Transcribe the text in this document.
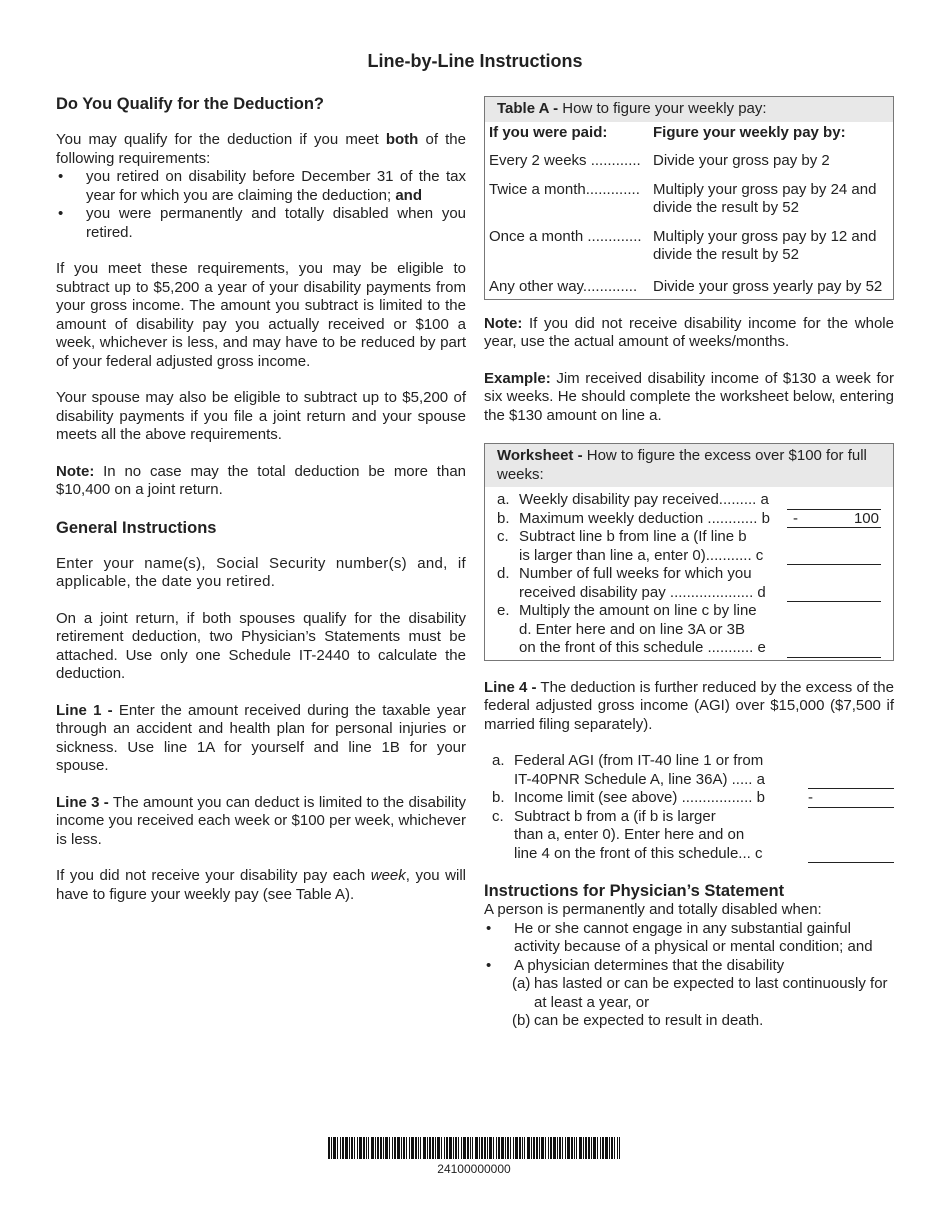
Line-by-Line Instructions
Do You Qualify for the Deduction?

You may qualify for the deduction if you meet both of the following requirements:

•	you retired on disability before December 31 of the tax year for which you are claiming the deduction; and
•	you were permanently and totally disabled when you retired.

If you meet these requirements, you may be eligible to subtract up to $5,200 a year of your disability payments from your gross income. The amount you subtract is limited to the amount of disability pay you actually received or $100 a week, whichever is less, and may have to be reduced by part of your federal adjusted gross income.

Your spouse may also be eligible to subtract up to $5,200 of disability payments if you file a joint return and your spouse meets all the above requirements.

Note: In no case may the total deduction be more than $10,400 on a joint return.

General Instructions

Enter your name(s), Social Security number(s) and, if applicable, the date you retired.

On a joint return, if both spouses qualify for the disability retirement deduction, two Physician’s Statements must be attached. Use only one Schedule IT-2440 to calculate the deduction.

Line 1 - Enter the amount received during the taxable year through an accident and health plan for personal injuries or sickness. Use line 1A for yourself and line 1B for your spouse.

Line 3 - The amount you can deduct is limited to the disability income you received each week or $100 per week, whichever is less.

If you did not receive your disability pay each week, you will have to figure your weekly pay (see Table A).

Table A - How to figure your weekly pay:
If you were paid:	Figure your weekly pay by:
Every 2 weeks ............ Divide your gross pay by 2
Twice a month............. Multiply your gross pay by 24 and divide the result by 52
Once a month ............. Multiply your gross pay by 12 and divide the result by 52
Any other way.............	Divide your gross yearly pay by 52

Note: If you did not receive disability income for the whole year, use the actual amount of weeks/months.

Example: Jim received disability income of $130 a week for six weeks. He should complete the worksheet below, entering the $130 amount on line a.

Worksheet - How to figure the excess over $100 for full weeks:
a. Weekly disability pay received......... a
b. Maximum weekly deduction ............ b	-	100
c. Subtract line b from line a (If line b
is larger than line a, enter 0)........... c
d. Number of full weeks for which you
received disability pay .................... d
e. Multiply the amount on line c by line
d. Enter here and on line 3A or 3B
on the front of this schedule ........... e

Line 4 - The deduction is further reduced by the excess of the federal adjusted gross income (AGI) over $15,000 ($7,500 if married filing separately).

a. Federal AGI (from IT-40 line 1 or from
IT-40PNR Schedule A, line 36A) ..... a
b. Income limit (see above) ................. b	-
c. Subtract b from a (if b is larger
than a, enter 0). Enter here and on
line 4 on the front of this schedule... c
Instructions for Physician’s Statement
A person is permanently and totally disabled when:
•	He or she cannot engage in any substantial gainful activity because of a physical or mental condition; and
•	A physician determines that the disability
(a) has lasted or can be expected to last continuously for at least a year, or
(b) can be expected to result in death.
24100000000
